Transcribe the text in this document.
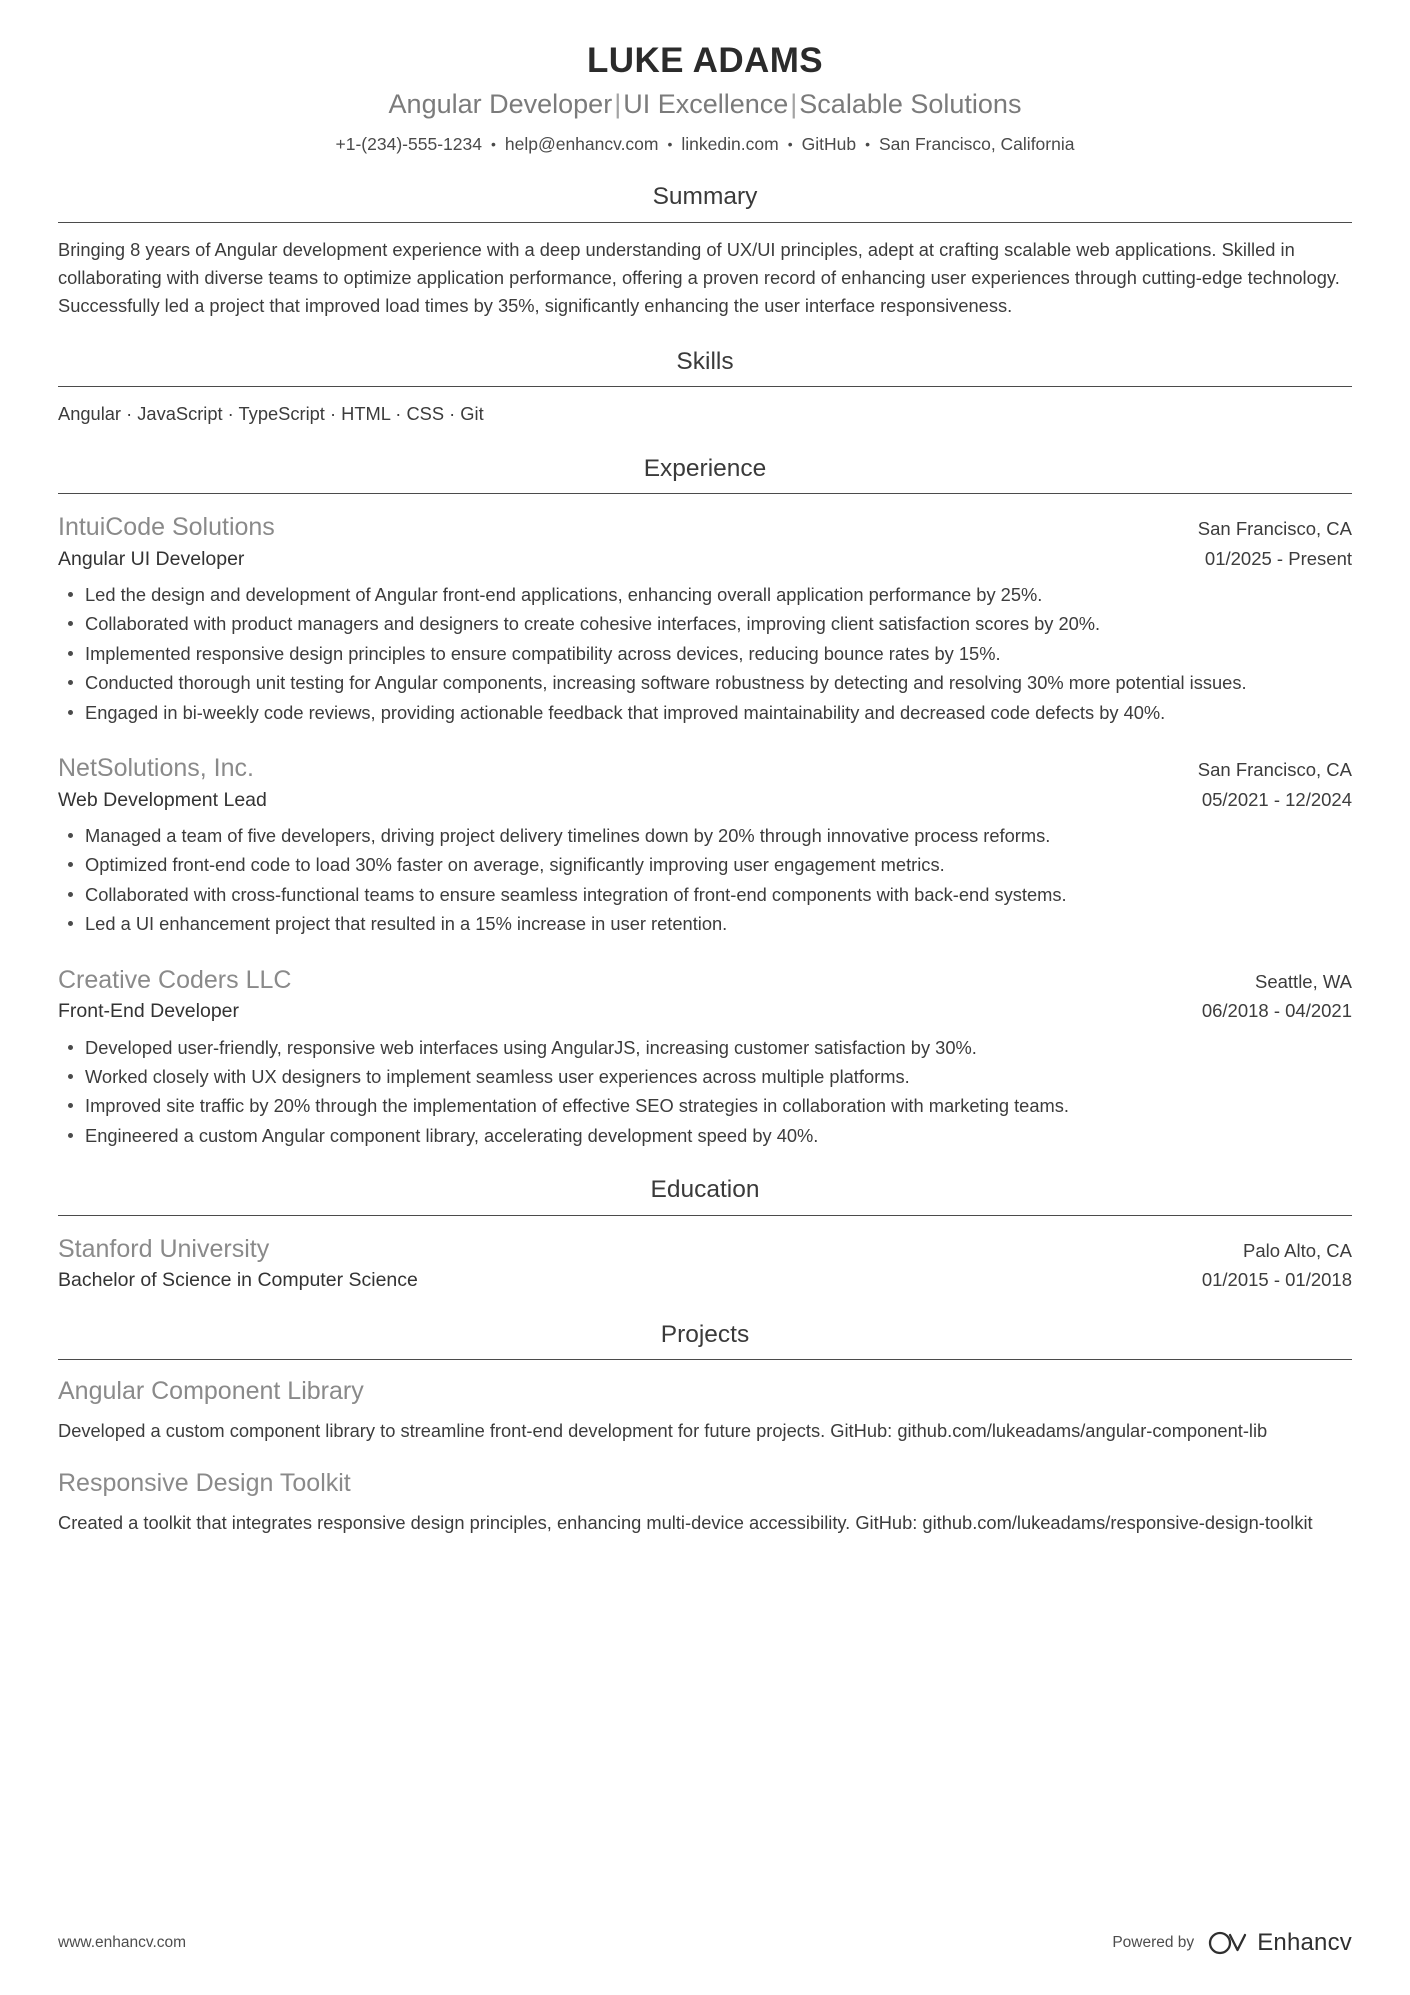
LUKE ADAMS
Angular Developer|UI Excellence|Scalable Solutions
+1-(234)-555-1234 • help@enhancv.com • linkedin.com • GitHub • San Francisco, California
Summary

Bringing 8 years of Angular development experience with a deep understanding of UX/UI principles, adept at crafting scalable web applications. Skilled in collaborating with diverse teams to optimize application performance, offering a proven record of enhancing user experiences through cutting-edge technology. Successfully led a project that improved load times by 35%, significantly enhancing the user interface responsiveness.

Skills
Angular · JavaScript · TypeScript · HTML · CSS · Git
Experience
IntuiCode Solutions	San Francisco, CA
Angular UI Developer	01/2025 - Present
Led the design and development of Angular front-end applications, enhancing overall application performance by 25%.
Collaborated with product managers and designers to create cohesive interfaces, improving client satisfaction scores by 20%.
Implemented responsive design principles to ensure compatibility across devices, reducing bounce rates by 15%.
Conducted thorough unit testing for Angular components, increasing software robustness by detecting and resolving 30% more potential issues.
Engaged in bi-weekly code reviews, providing actionable feedback that improved maintainability and decreased code defects by 40%.
NetSolutions, Inc.	San Francisco, CA
Web Development Lead	05/2021 - 12/2024
Managed a team of five developers, driving project delivery timelines down by 20% through innovative process reforms.
Optimized front-end code to load 30% faster on average, significantly improving user engagement metrics.
Collaborated with cross-functional teams to ensure seamless integration of front-end components with back-end systems.
Led a UI enhancement project that resulted in a 15% increase in user retention.
Creative Coders LLC	Seattle, WA
Front-End Developer	06/2018 - 04/2021
Developed user-friendly, responsive web interfaces using AngularJS, increasing customer satisfaction by 30%.
Worked closely with UX designers to implement seamless user experiences across multiple platforms.
Improved site traffic by 20% through the implementation of effective SEO strategies in collaboration with marketing teams.
Engineered a custom Angular component library, accelerating development speed by 40%.
Education
Stanford University	Palo Alto, CA
Bachelor of Science in Computer Science	01/2015 - 01/2018
Projects
Angular Component Library
Developed a custom component library to streamline front-end development for future projects. GitHub: github.com/lukeadams/angular-component-lib
Responsive Design Toolkit
Created a toolkit that integrates responsive design principles, enhancing multi-device accessibility. GitHub: github.com/lukeadams/responsive-design-toolkit
www.enhancv.com	Powered by	Enhancv
